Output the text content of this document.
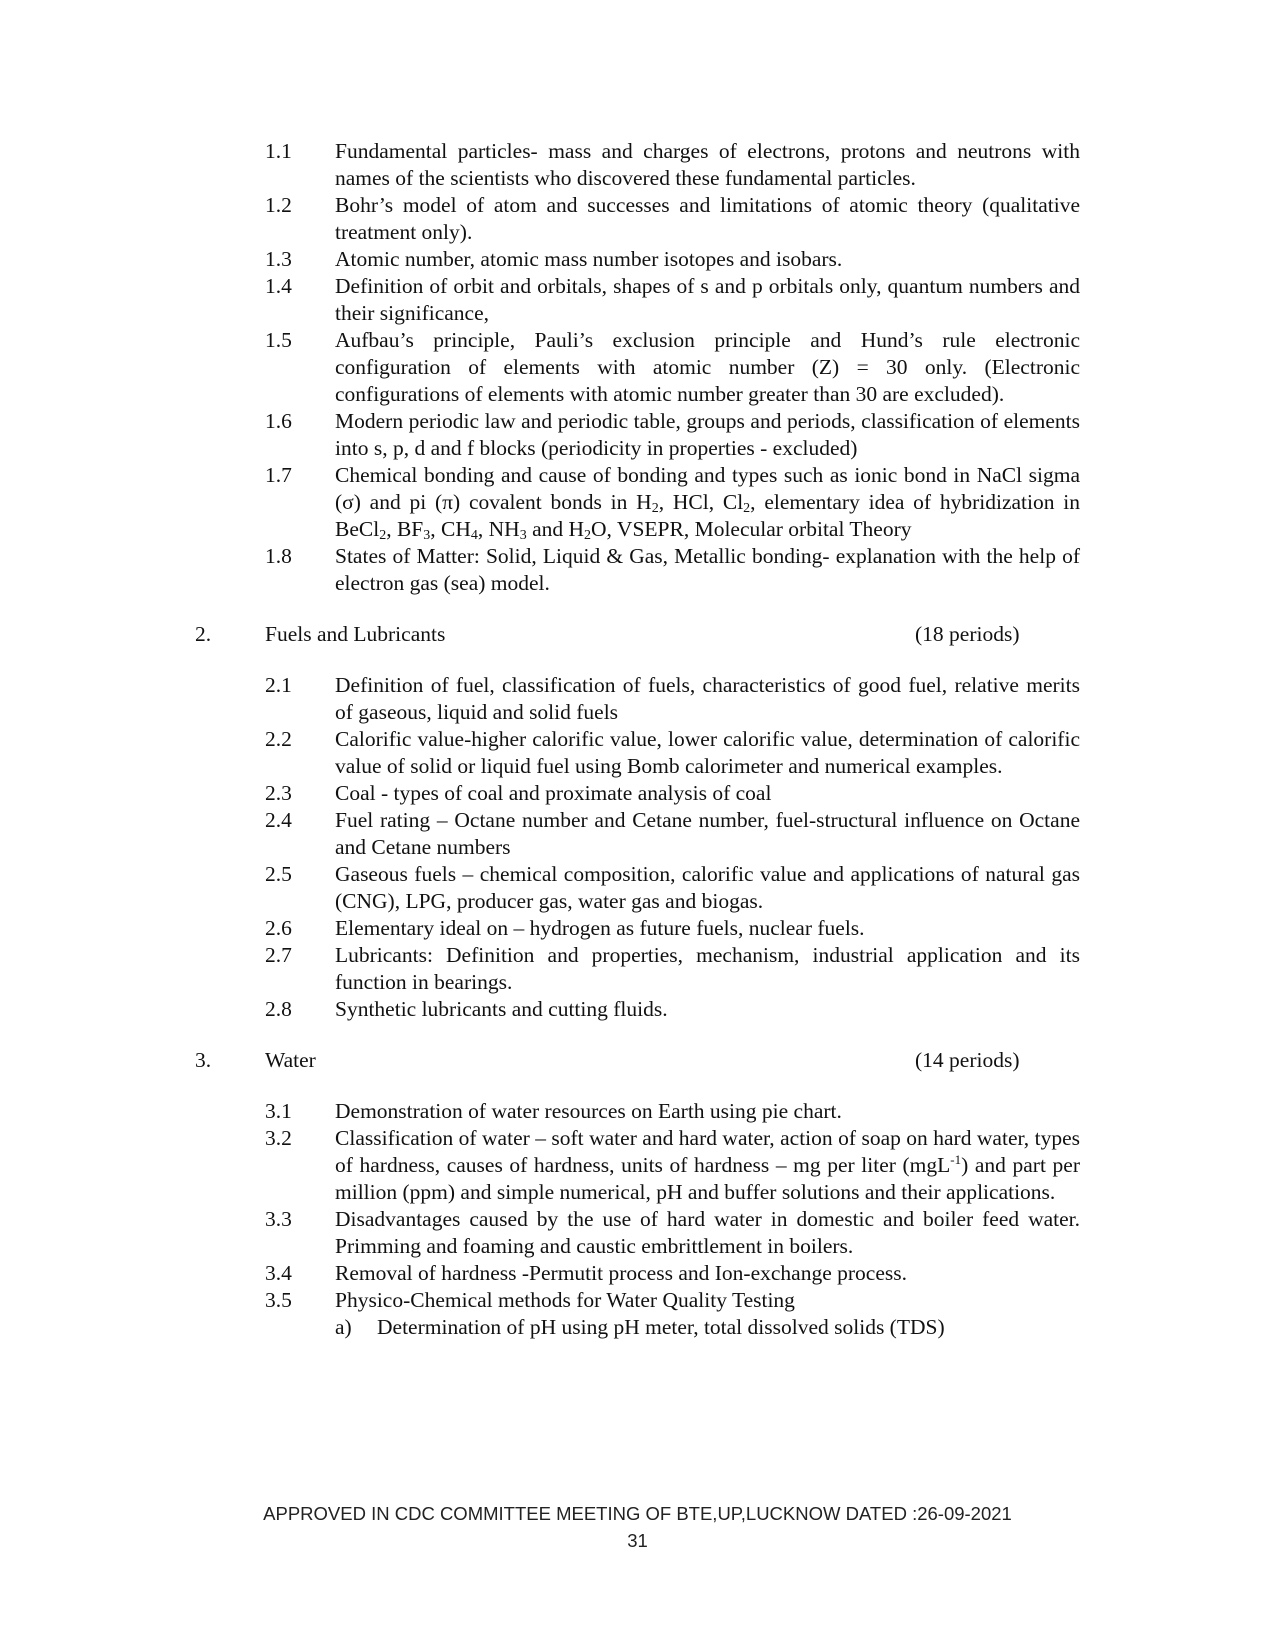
1.1	Fundamental particles- mass and charges of electrons, protons and neutrons with names of the scientists who discovered these fundamental particles.
1.2	Bohr’s model of atom and successes and limitations of atomic theory (qualitative treatment only).
1.3	Atomic number, atomic mass number isotopes and isobars.
1.4	Definition of orbit and orbitals, shapes of s and p orbitals only, quantum numbers and their significance,
1.5	Aufbau’s principle, Pauli’s exclusion principle and Hund’s rule electronic configuration of elements with atomic number (Z) = 30 only. (Electronic configurations of elements with atomic number greater than 30 are excluded).
1.6	Modern periodic law and periodic table, groups and periods, classification of elements into s, p, d and f blocks (periodicity in properties - excluded)
1.7	Chemical bonding and cause of bonding and types such as ionic bond in NaCl sigma (σ) and pi (π) covalent bonds in $H_2$, HCl, $Cl_2$, elementary idea of hybridization in BeCl$_2$, $BF_3$, $CH_4$, $NH_3$ and $H_2O$, VSEPR, Molecular orbital Theory
1.8	States of Matter: Solid, Liquid & Gas, Metallic bonding- explanation with the help of electron gas (sea) model.
2.	Fuels and Lubricants	(18 periods)
2.1	Definition of fuel, classification of fuels, characteristics of good fuel, relative merits of gaseous, liquid and solid fuels
2.2	Calorific value-higher calorific value, lower calorific value, determination of calorific value of solid or liquid fuel using Bomb calorimeter and numerical examples.
2.3	Coal - types of coal and proximate analysis of coal
2.4	Fuel rating – Octane number and Cetane number, fuel-structural influence on Octane and Cetane numbers
2.5	Gaseous fuels – chemical composition, calorific value and applications of natural gas (CNG), LPG, producer gas, water gas and biogas.
2.6	Elementary ideal on – hydrogen as future fuels, nuclear fuels.
2.7	Lubricants: Definition and properties, mechanism, industrial application and its function in bearings.
2.8	Synthetic lubricants and cutting fluids.
3.	Water	(14 periods)
3.1	Demonstration of water resources on Earth using pie chart.
3.2	Classification of water – soft water and hard water, action of soap on hard water, types of hardness, causes of hardness, units of hardness – mg per liter (mgL$^{-1}$) and part per million (ppm) and simple numerical, pH and buffer solutions and their applications.
3.3	Disadvantages caused by the use of hard water in domestic and boiler feed water. Primming and foaming and caustic embrittlement in boilers.
3.4	Removal of hardness -Permutit process and Ion-exchange process.
3.5	Physico-Chemical methods for Water Quality Testing
a)	Determination of pH using pH meter, total dissolved solids (TDS)
APPROVED IN CDC COMMITTEE MEETING OF BTE,UP,LUCKNOW DATED :26-09-2021
31
